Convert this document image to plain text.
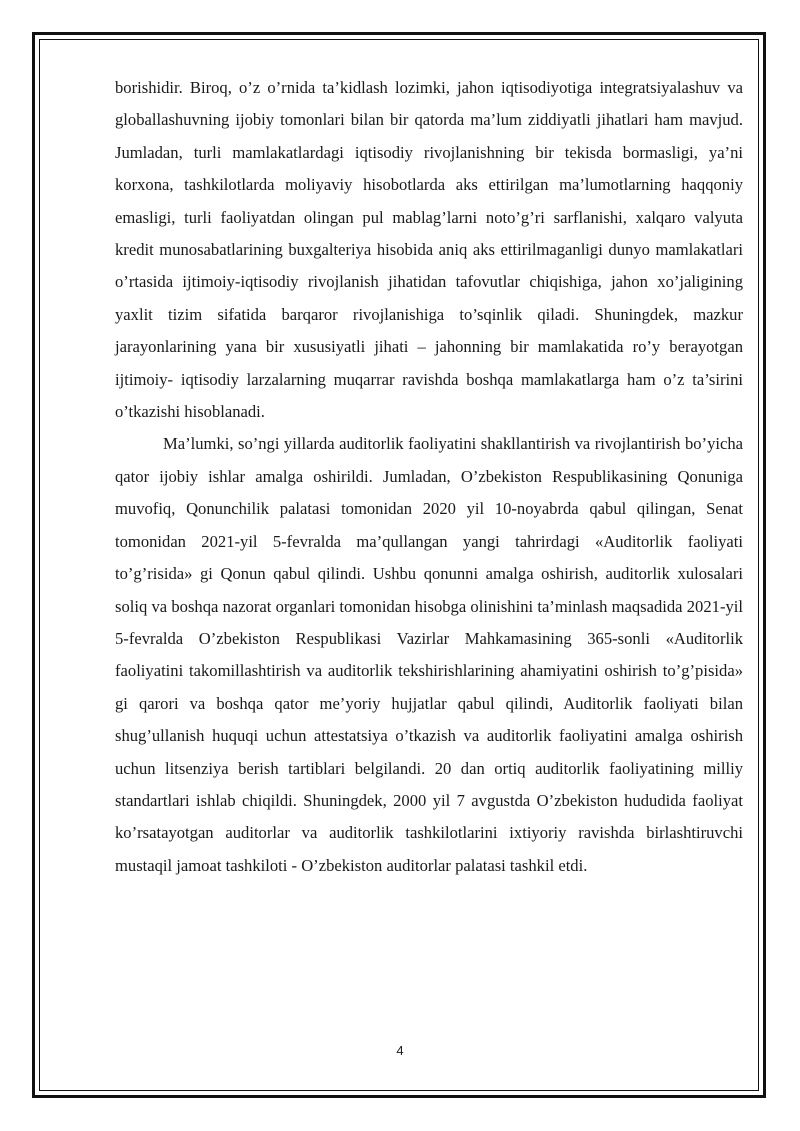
borishidir. Biroq, o’z o’rnida ta’kidlash lozimki, jahon iqtisodiyotiga integratsiyalashuv va globallashuvning ijobiy tomonlari bilan bir qatorda ma’lum ziddiyatli jihatlari ham mavjud. Jumladan, turli mamlakatlardagi iqtisodiy rivojlanishning bir tekisda bormasligi, ya’ni korxona, tashkilotlarda moliyaviy hisobotlarda aks ettirilgan ma’lumotlarning haqqoniy emasligi, turli faoliyatdan olingan pul mablag’larni noto’g’ri sarflanishi, xalqaro valyuta kredit munosabatlarining buxgalteriya hisobida aniq aks ettirilmaganligi dunyo mamlakatlari o’rtasida ijtimoiy-iqtisodiy rivojlanish jihatidan tafovutlar chiqishiga, jahon xo’jaligining yaxlit tizim sifatida barqaror rivojlanishiga to’sqinlik qiladi. Shuningdek, mazkur jarayonlarining yana bir xususiyatli jihati – jahonning bir mamlakatida ro’y berayotgan ijtimoiy- iqtisodiy larzalarning muqarrar ravishda boshqa mamlakatlarga ham o’z ta’sirini o’tkazishi hisoblanadi.

Ma’lumki, so’ngi yillarda auditorlik faoliyatini shakllantirish va rivojlantirish bo’yicha qator ijobiy ishlar amalga oshirildi. Jumladan, O’zbekiston Respublikasining Qonuniga muvofiq, Qonunchilik palatasi tomonidan 2020 yil 10-noyabrda qabul qilingan, Senat tomonidan 2021-yil 5-fevralda ma’qullangan yangi tahrirdagi «Auditorlik faoliyati to’g’risida» gi Qonun qabul qilindi. Ushbu qonunni amalga oshirish, auditorlik xulosalari soliq va boshqa nazorat organlari tomonidan hisobga olinishini ta’minlash maqsadida 2021-yil 5-fevralda O’zbekiston Respublikasi Vazirlar Mahkamasining 365-sonli «Auditorlik faoliyatini takomillashtirish va auditorlik tekshirishlarining ahamiyatini oshirish to’g’pisida» gi qarori va boshqa qator me’yoriy hujjatlar qabul qilindi, Auditorlik faoliyati bilan shug’ullanish huquqi uchun attestatsiya o’tkazish va auditorlik faoliyatini amalga oshirish uchun litsenziya berish tartiblari belgilandi. 20 dan ortiq auditorlik faoliyatining milliy standartlari ishlab chiqildi. Shuningdek, 2000 yil 7 avgustda O’zbekiston hududida faoliyat ko’rsatayotgan auditorlar va auditorlik tashkilotlarini ixtiyoriy ravishda birlashtiruvchi mustaqil jamoat tashkiloti - O’zbekiston auditorlar palatasi tashkil etdi.

4
